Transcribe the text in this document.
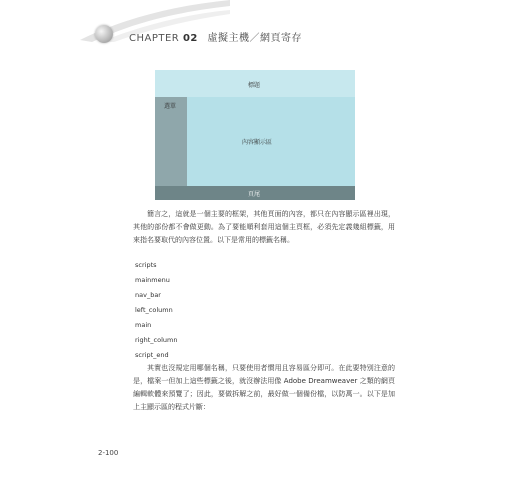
CHAPTER 02 虛擬主機／網頁寄存
標題
選單
內容顯示區
頁尾

簡言之，這就是一個主要的框架，其他頁面的內容，都只在內容顯示區裡出現，其他的部份都不會做更動。為了要能順利套用這個主頁框，必須先定義幾組標籤，用來指名要取代的內容位置。以下是常用的標籤名稱。

scripts
mainmenu
nav_bar
left_column
main
right_column
script_end

其實也沒規定用哪個名稱，只要使用者慣用且容易區分即可。在此要特別注意的是，檔案一但加上這些標籤之後，就沒辦法用像 Adobe Dreamweaver 之類的網頁編輯軟體來預覽了；因此，要做拆解之前，最好做一個備份檔，以防萬一。以下是加上主顯示區的程式片斷：

2-100
